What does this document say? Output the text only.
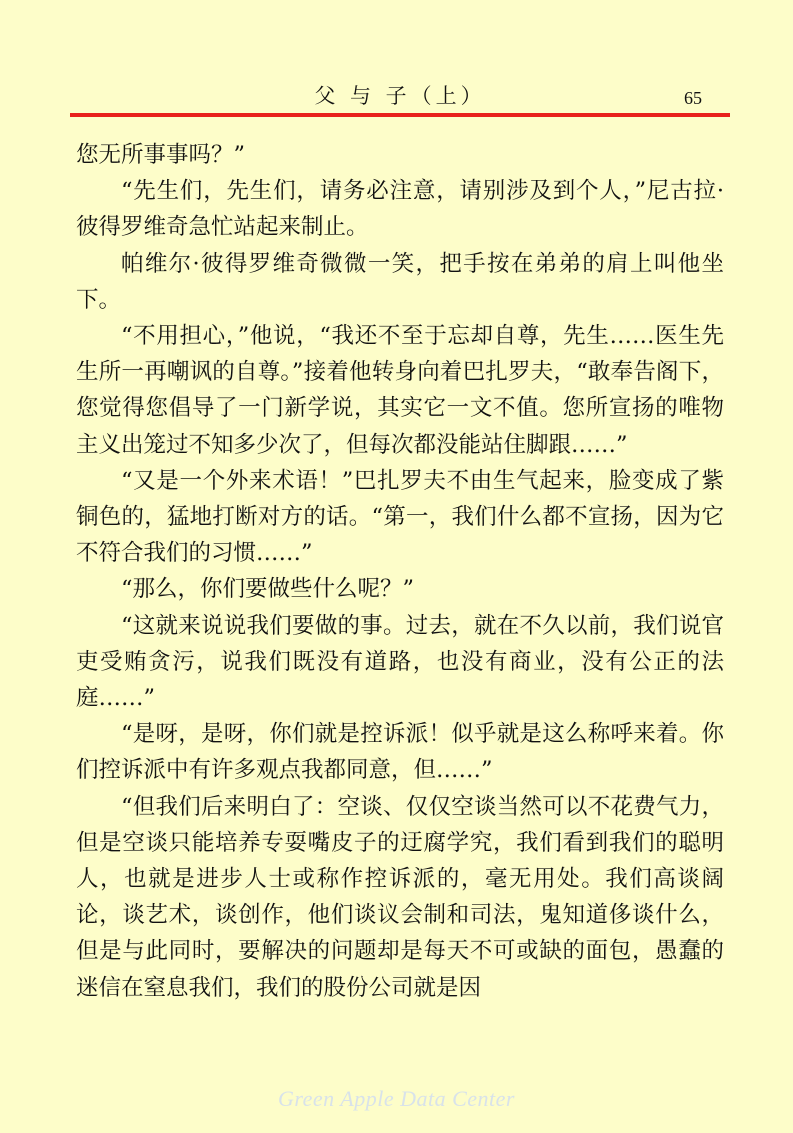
父 与 子（上）	65

您无所事事吗？”

“先生们，先生们，请务必注意，请别涉及到个人，”尼古拉·彼得罗维奇急忙站起来制止。

帕维尔·彼得罗维奇微微一笑，把手按在弟弟的肩上叫他坐下。

“不用担心，”他说，“我还不至于忘却自尊，先生……医生先生所一再嘲讽的自尊。”接着他转身向着巴扎罗夫，“敢奉告阁下，您觉得您倡导了一门新学说，其实它一文不值。您所宣扬的唯物主义出笼过不知多少次了，但每次都没能站住脚跟……”

“又是一个外来术语！”巴扎罗夫不由生气起来，脸变成了紫铜色的，猛地打断对方的话。“第一，我们什么都不宣扬，因为它不符合我们的习惯……”

“那么，你们要做些什么呢？”

“这就来说说我们要做的事。过去，就在不久以前，我们说官吏受贿贪污，说我们既没有道路，也没有商业，没有公正的法庭……”

“是呀，是呀，你们就是控诉派！似乎就是这么称呼来着。你们控诉派中有许多观点我都同意，但……”

“但我们后来明白了：空谈、仅仅空谈当然可以不花费气力，但是空谈只能培养专耍嘴皮子的迂腐学究，我们看到我们的聪明人，也就是进步人士或称作控诉派的，毫无用处。我们高谈阔论，谈艺术，谈创作，他们谈议会制和司法，鬼知道侈谈什么，但是与此同时，要解决的问题却是每天不可或缺的面包，愚蠢的迷信在窒息我们，我们的股份公司就是因

Green Apple Data Center
